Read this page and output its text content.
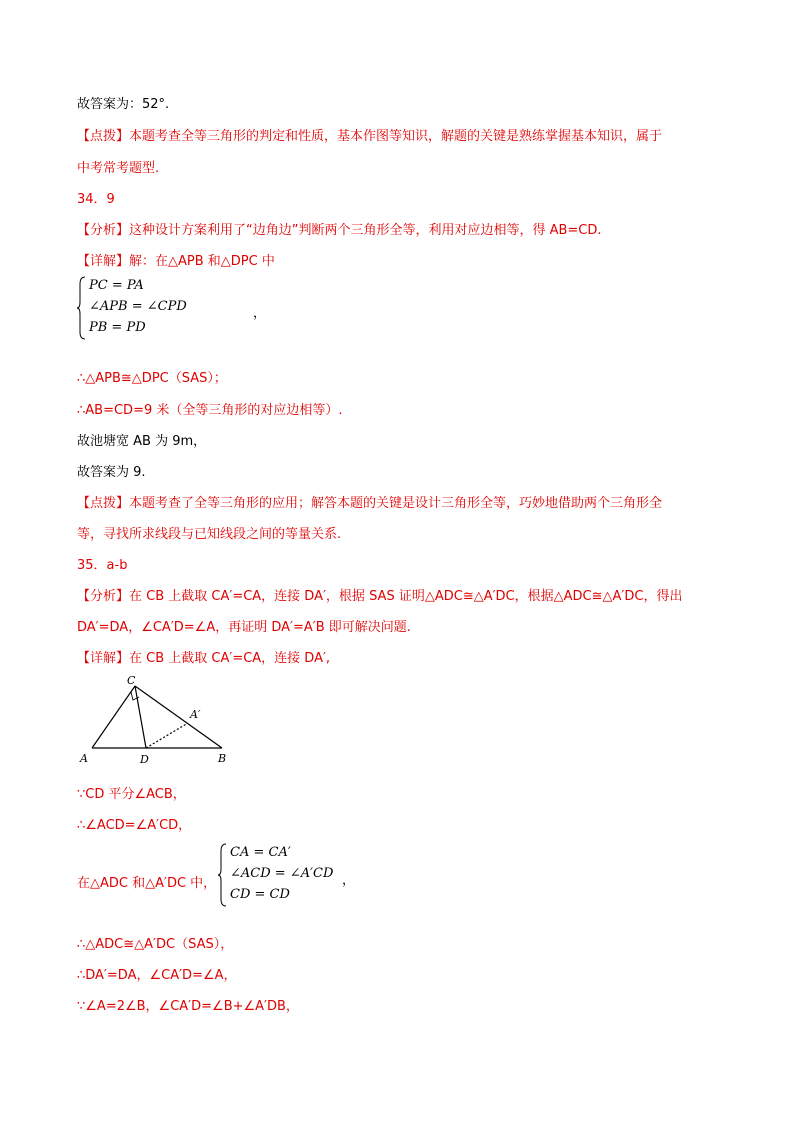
故答案为：52°.
【点拨】本题考查全等三角形的判定和性质，基本作图等知识，解题的关键是熟练掌握基本知识，属于
中考常考题型.
34．9
【分析】这种设计方案利用了“边角边”判断两个三角形全等，利用对应边相等，得 AB=CD.
【详解】解：在△APB 和△DPC 中
PC = PA
∠APB = ∠CPD
PB = PD
，
∴△APB≅△DPC（SAS）；
∴AB=CD=9 米（全等三角形的对应边相等）.
故池塘宽 AB 为 9m，
故答案为 9.
【点拨】本题考查了全等三角形的应用；解答本题的关键是设计三角形全等，巧妙地借助两个三角形全
等，寻找所求线段与已知线段之间的等量关系.
35．a-b
【分析】在 CB 上截取 CA′=CA，连接 DA′，根据 SAS 证明△ADC≅△A′DC，根据△ADC≅△A′DC，得出
DA′=DA，∠CA′D=∠A，再证明 DA′=A′B 即可解决问题.
【详解】在 CB 上截取 CA′=CA，连接 DA′,
C
A′
A	D	B
∵CD 平分∠ACB，
∴∠ACD=∠A′CD，
在△ADC 和△A′DC 中，
CA = CA′
∠ACD = ∠A′CD
CD = CD
，
∴△ADC≅△A′DC（SAS），
∴DA′=DA，∠CA′D=∠A，
∵∠A=2∠B，∠CA′D=∠B+∠A′DB，
